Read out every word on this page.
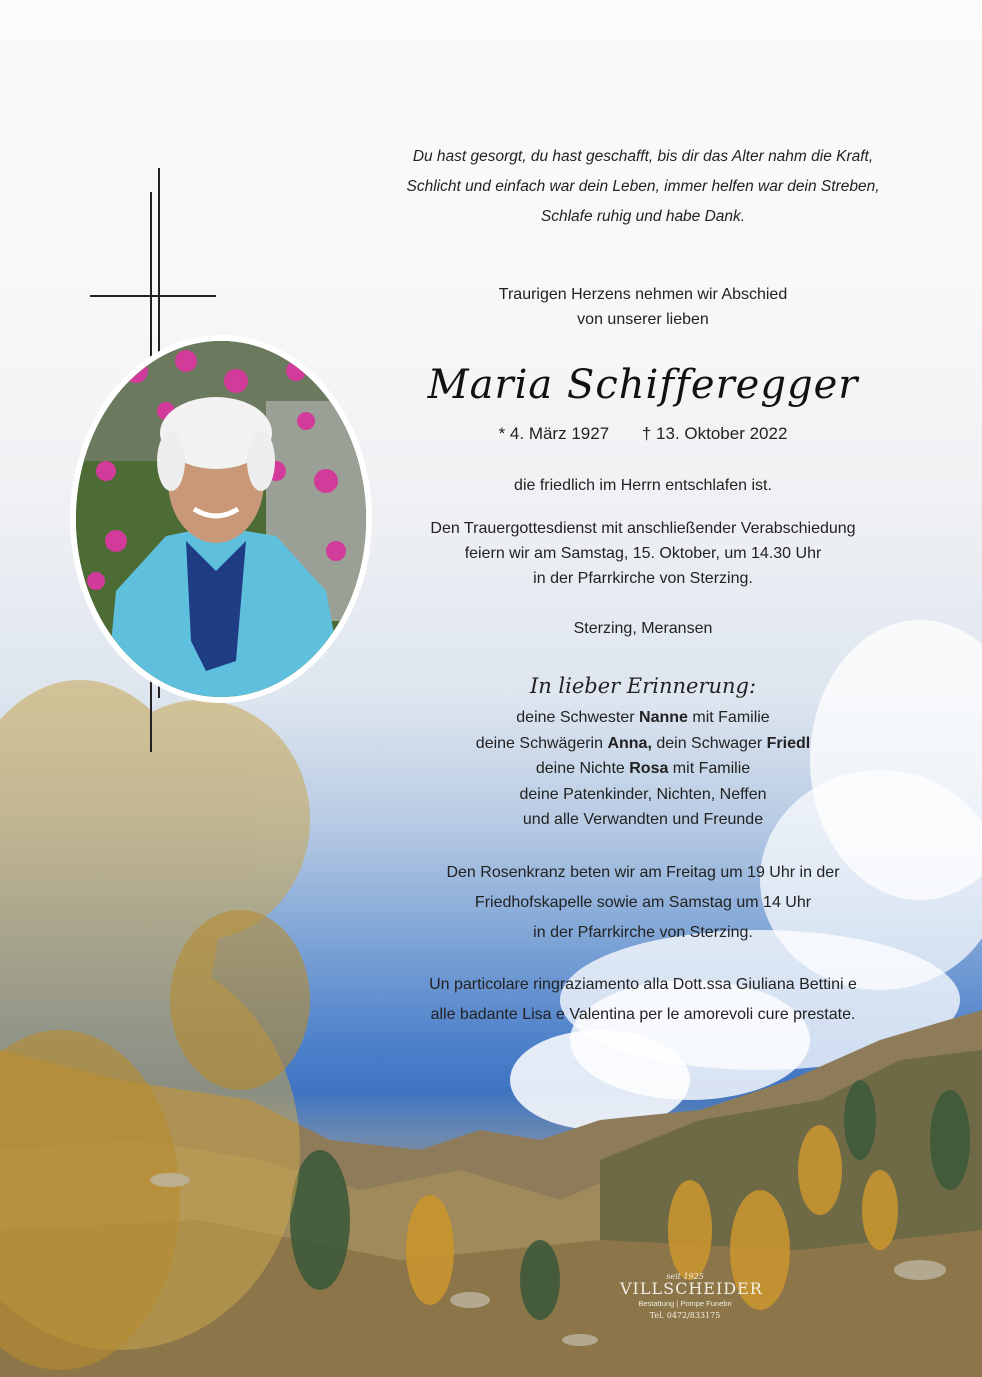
Du hast gesorgt, du hast geschafft, bis dir das Alter nahm die Kraft,
Schlicht und einfach war dein Leben, immer helfen war dein Streben,
Schlafe ruhig und habe Dank.
Traurigen Herzens nehmen wir Abschied
von unserer lieben
Maria Schifferegger
* 4. März 1927 † 13. Oktober 2022
die friedlich im Herrn entschlafen ist.
Den Trauergottesdienst mit anschließender Verabschiedung
feiern wir am Samstag, 15. Oktober, um 14.30 Uhr
in der Pfarrkirche von Sterzing.
Sterzing, Meransen
In lieber Erinnerung:
deine Schwester Nanne mit Familie
deine Schwägerin Anna, dein Schwager Friedl
deine Nichte Rosa mit Familie
deine Patenkinder, Nichten, Neffen
und alle Verwandten und Freunde
Den Rosenkranz beten wir am Freitag um 19 Uhr in der
Friedhofskapelle sowie am Samstag um 14 Uhr
in der Pfarrkirche von Sterzing.
Un particolare ringraziamento alla Dott.ssa Giuliana Bettini e
alle badante Lisa e Valentina per le amorevoli cure prestate.
seit 1925
VILLSCHEIDER
Bestattung | Pompe Funebri
Tel. 0472/833175
